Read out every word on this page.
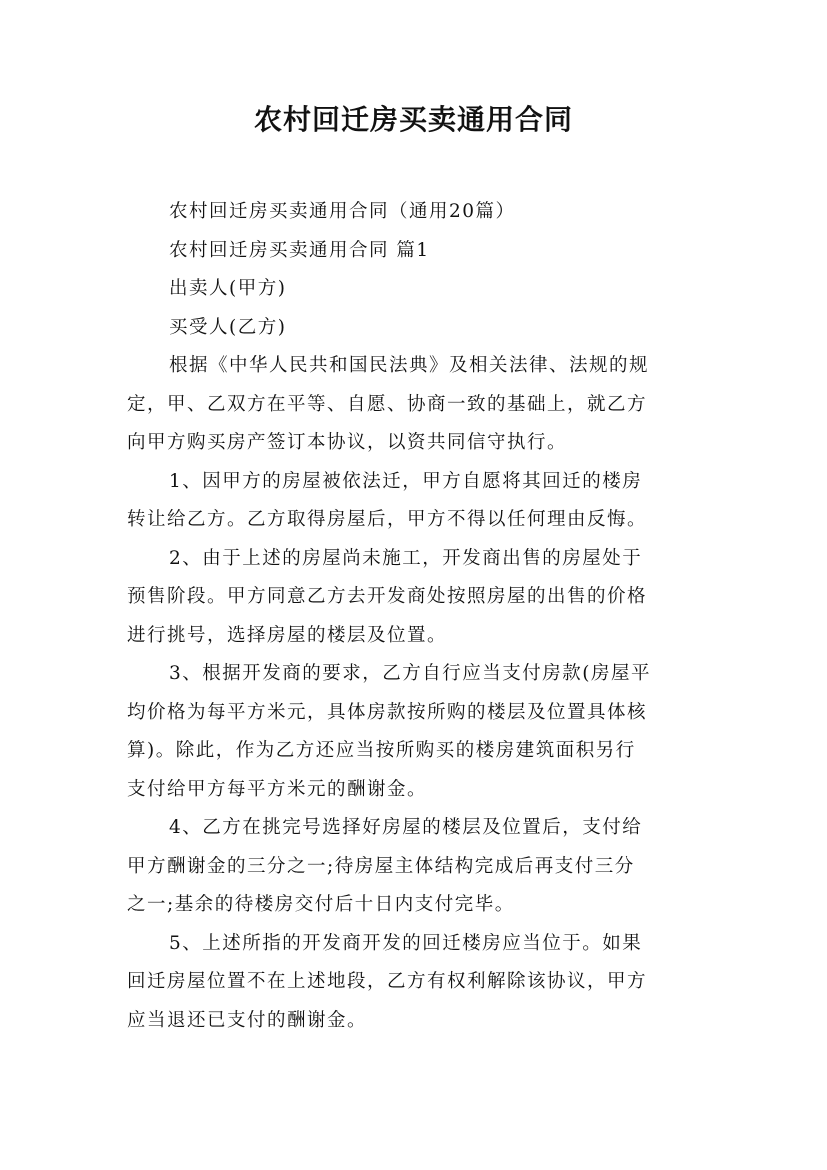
农村回迁房买卖通用合同

农村回迁房买卖通用合同（通用20篇）

农村回迁房买卖通用合同 篇1

出卖人(甲方)

买受人(乙方)

根据《中华人民共和国民法典》及相关法律、法规的规

定，甲、乙双方在平等、自愿、协商一致的基础上，就乙方

向甲方购买房产签订本协议，以资共同信守执行。

1、因甲方的房屋被依法迁，甲方自愿将其回迁的楼房

转让给乙方。乙方取得房屋后，甲方不得以任何理由反悔。

2、由于上述的房屋尚未施工，开发商出售的房屋处于

预售阶段。甲方同意乙方去开发商处按照房屋的出售的价格

进行挑号，选择房屋的楼层及位置。

3、根据开发商的要求，乙方自行应当支付房款(房屋平

均价格为每平方米元，具体房款按所购的楼层及位置具体核

算)。除此，作为乙方还应当按所购买的楼房建筑面积另行

支付给甲方每平方米元的酬谢金。

4、乙方在挑完号选择好房屋的楼层及位置后，支付给

甲方酬谢金的三分之一;待房屋主体结构完成后再支付三分

之一;基余的待楼房交付后十日内支付完毕。

5、上述所指的开发商开发的回迁楼房应当位于。如果

回迁房屋位置不在上述地段，乙方有权利解除该协议，甲方

应当退还已支付的酬谢金。
